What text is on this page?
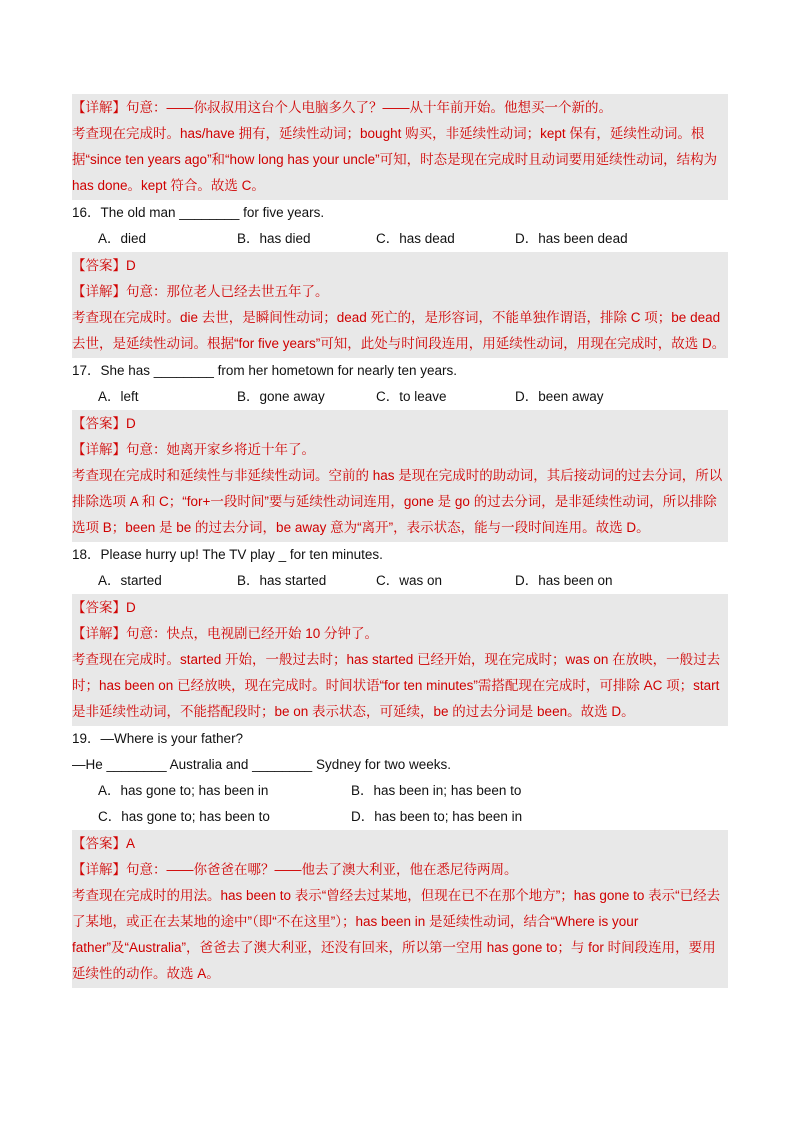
【详解】句意：——你叔叔用这台个人电脑多久了？——从十年前开始。他想买一个新的。
考查现在完成时。has/have 拥有，延续性动词；bought 购买，非延续性动词；kept 保有，延续性动词。根据“since ten years ago”和“how long has your uncle”可知，时态是现在完成时且动词要用延续性动词，结构为 has done。kept 符合。故选 C。
16．The old man ________ for five years.
A．died	B．has died	C．has dead	D．has been dead
【答案】D
【详解】句意：那位老人已经去世五年了。
考查现在完成时。die 去世，是瞬间性动词；dead 死亡的，是形容词，不能单独作谓语，排除 C 项；be dead 去世，是延续性动词。根据“for five years”可知，此处与时间段连用，用延续性动词，用现在完成时，故选 D。
17．She has ________ from her hometown for nearly ten years.
A．left	B．gone away	C．to leave	D．been away
【答案】D
【详解】句意：她离开家乡将近十年了。
考查现在完成时和延续性与非延续性动词。空前的 has 是现在完成时的助动词，其后接动词的过去分词，所以排除选项 A 和 C；“for+一段时间”要与延续性动词连用，gone 是 go 的过去分词，是非延续性动词，所以排除选项 B；been 是 be 的过去分词，be away 意为“离开”，表示状态，能与一段时间连用。故选 D。
18．Please hurry up! The TV play _ for ten minutes.
A．started	B．has started	C．was on	D．has been on
【答案】D
【详解】句意：快点，电视剧已经开始 10 分钟了。
考查现在完成时。started 开始，一般过去时；has started 已经开始，现在完成时；was on 在放映，一般过去时；has been on 已经放映，现在完成时。时间状语“for ten minutes”需搭配现在完成时，可排除 AC 项；start 是非延续性动词，不能搭配段时；be on 表示状态，可延续，be 的过去分词是 been。故选 D。
19．—Where is your father?
—He ________ Australia and ________ Sydney for two weeks.
A．has gone to; has been in	B．has been in; has been to
C．has gone to; has been to	D．has been to; has been in
【答案】A
【详解】句意：——你爸爸在哪？——他去了澳大利亚，他在悉尼待两周。
考查现在完成时的用法。has been to 表示“曾经去过某地，但现在已不在那个地方”；has gone to 表示“已经去了某地，或正在去某地的途中”（即“不在这里”）；has been in 是延续性动词，结合“Where is your father”及“Australia”，爸爸去了澳大利亚，还没有回来，所以第一空用 has gone to；与 for 时间段连用，要用延续性的动作。故选 A。
